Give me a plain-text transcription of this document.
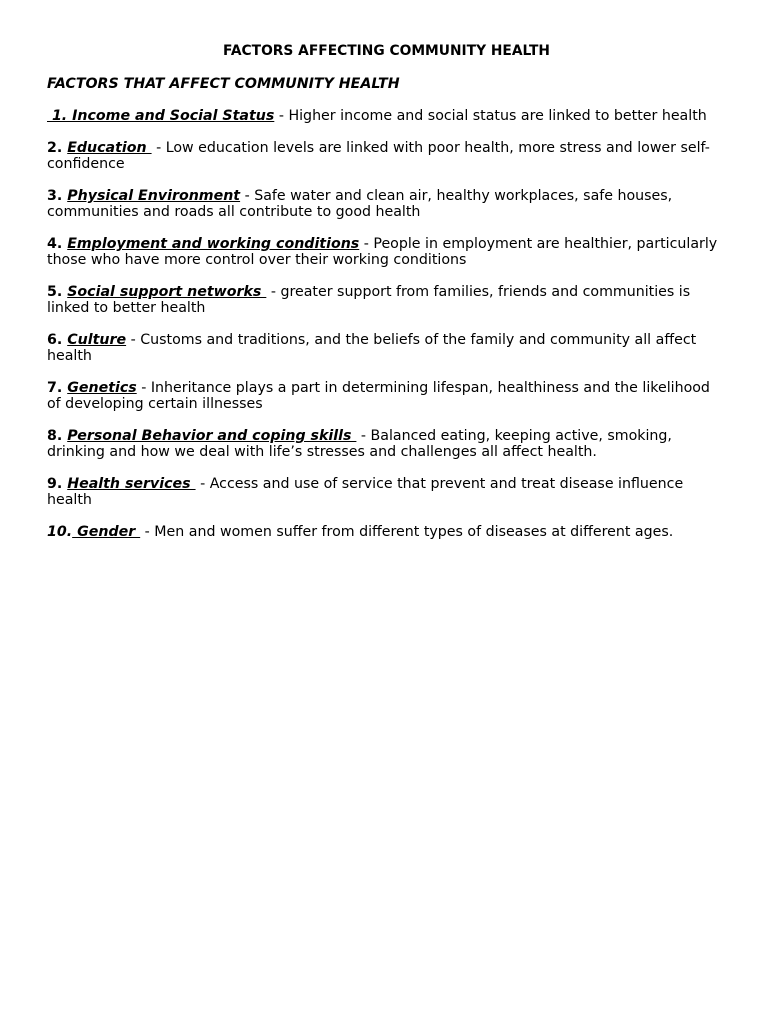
FACTORS AFFECTING COMMUNITY HEALTH
FACTORS THAT AFFECT COMMUNITY HEALTH
1. Income and Social Status - Higher income and social status are linked to better health
2. Education  - Low education levels are linked with poor health, more stress and lower self-confidence
3. Physical Environment - Safe water and clean air, healthy workplaces, safe houses, communities and roads all contribute to good health
4. Employment and working conditions - People in employment are healthier, particularly those who have more control over their working conditions
5. Social support networks  - greater support from families, friends and communities is linked to better health
6. Culture - Customs and traditions, and the beliefs of the family and community all affect health
7. Genetics - Inheritance plays a part in determining lifespan, healthiness and the likelihood of developing certain illnesses
8. Personal Behavior and coping skills  - Balanced eating, keeping active, smoking, drinking and how we deal with life’s stresses and challenges all affect health.
9. Health services  - Access and use of service that prevent and treat disease influence health
10. Gender  - Men and women suffer from different types of diseases at different ages.
